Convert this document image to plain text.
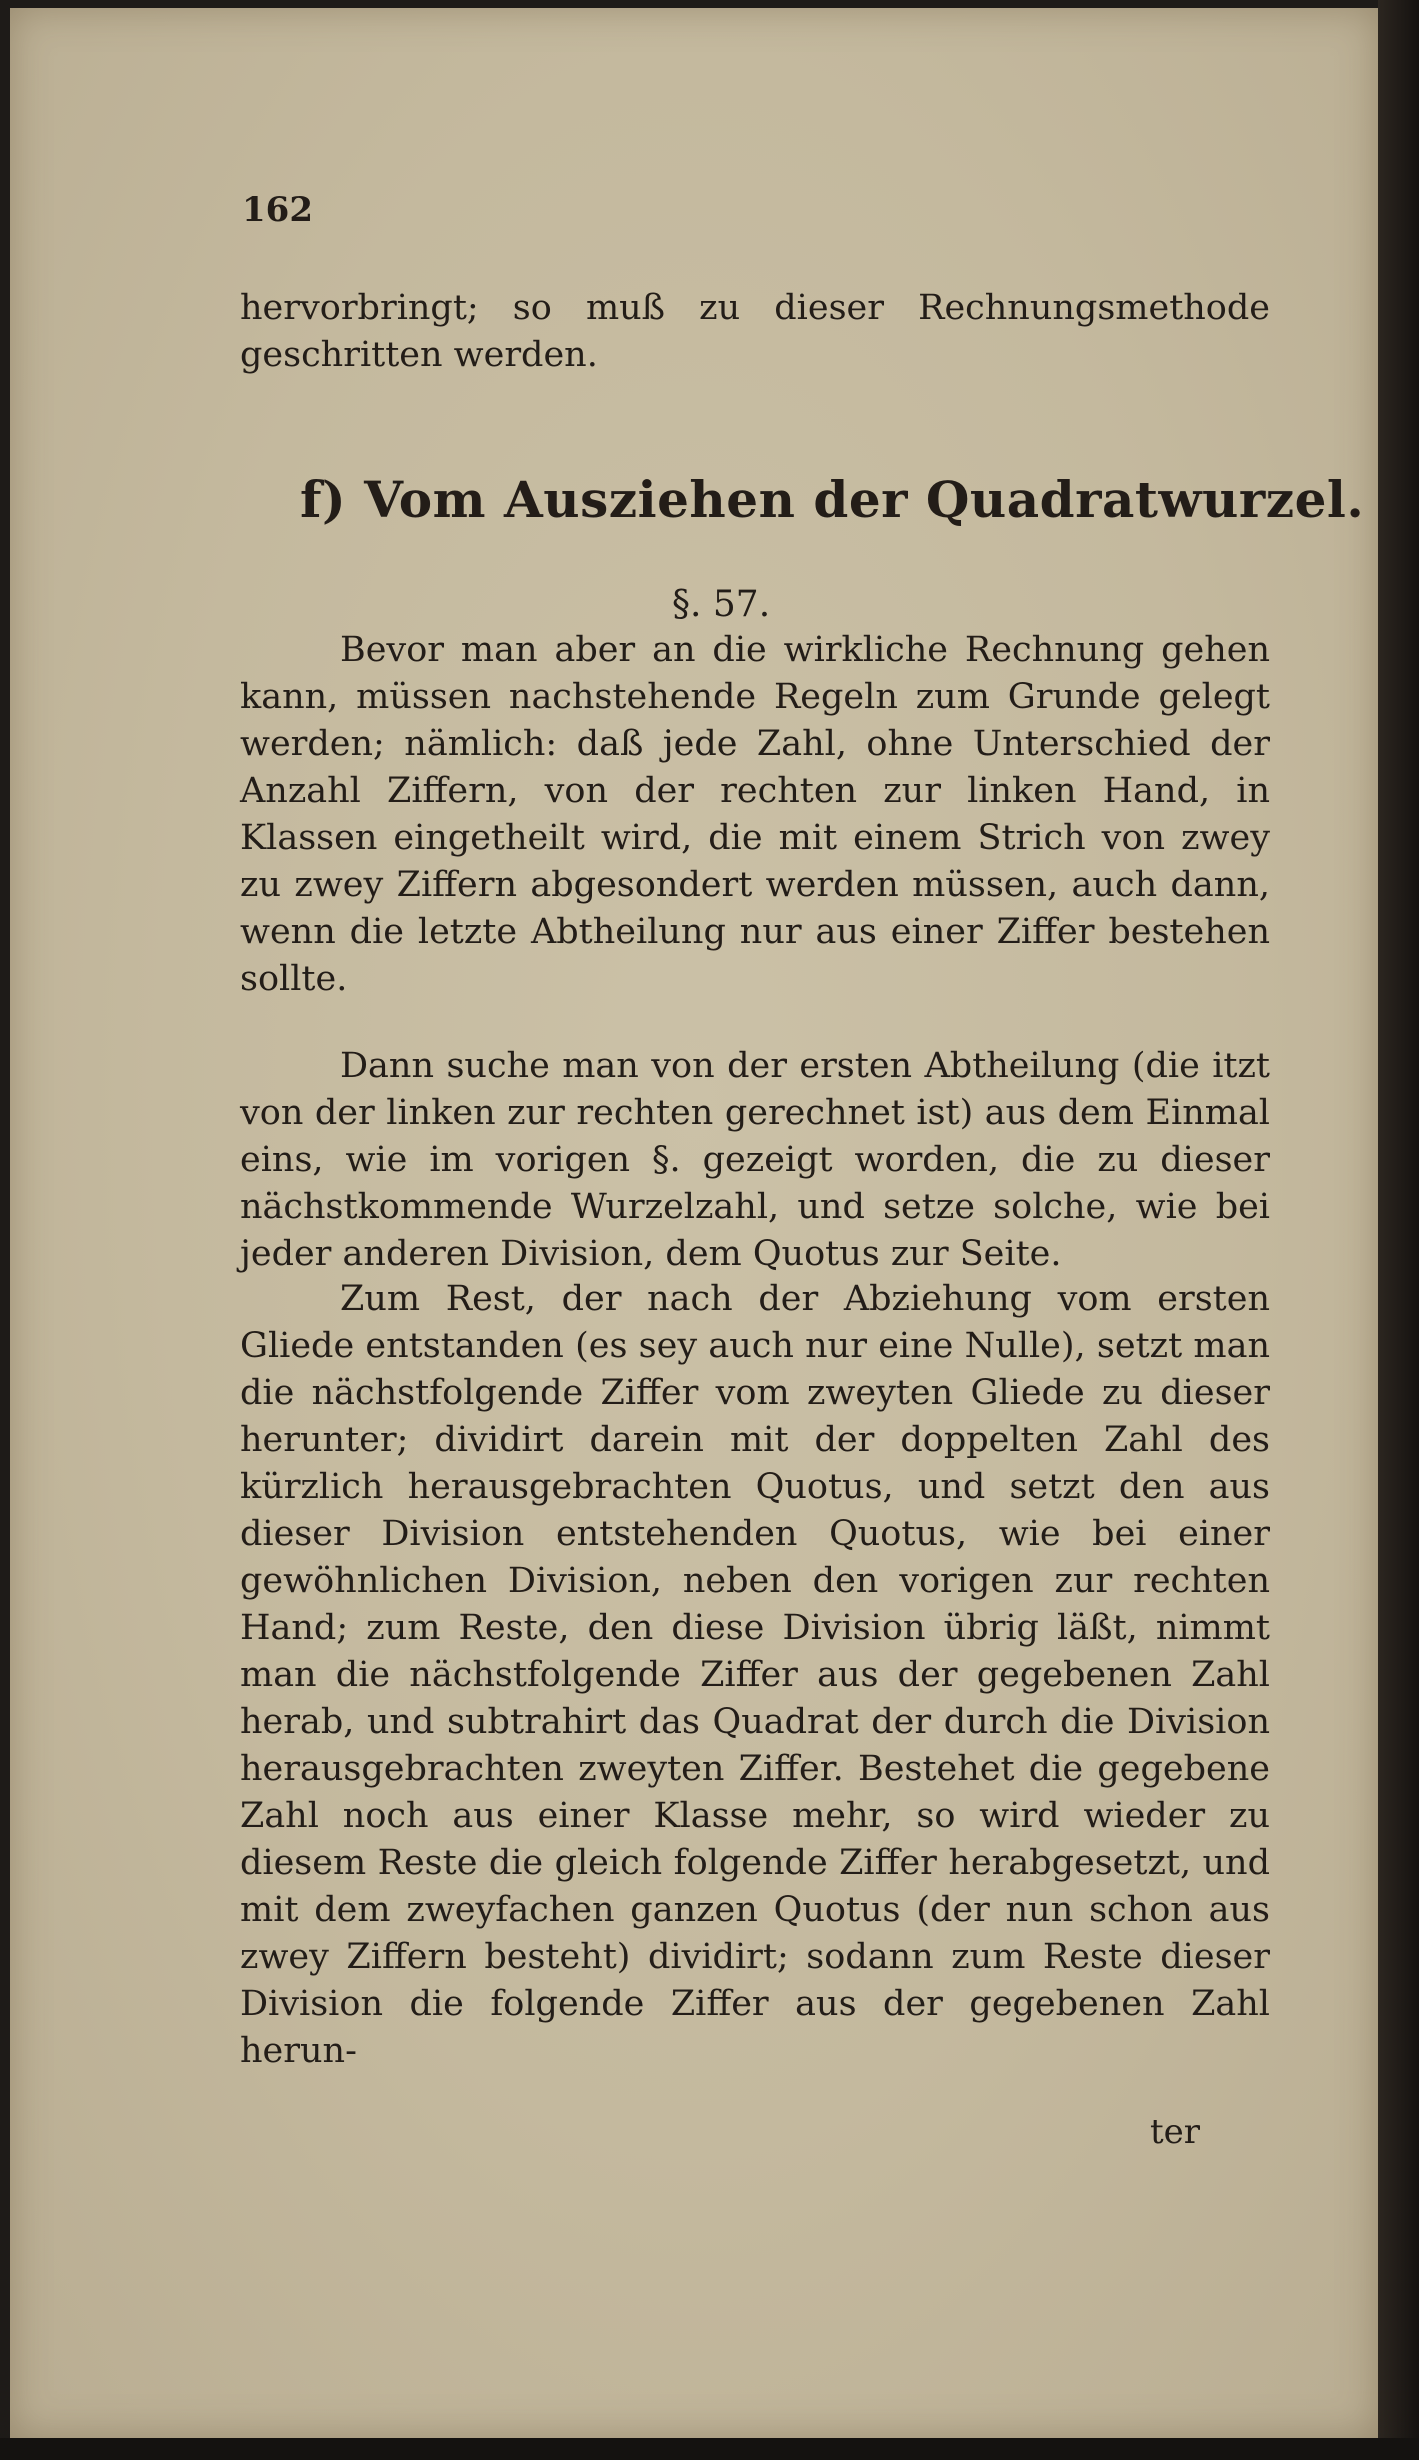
162

hervorbringt; so muß zu dieser Rechnungsmethode geschritten werden.

f) Vom Ausziehen der Quadratwurzel.
§. 57.

Bevor man aber an die wirkliche Rechnung gehen kann, müssen nachstehende Regeln zum Grunde gelegt werden; nämlich: daß jede Zahl, ohne Unterschied der Anzahl Ziffern, von der rechten zur linken Hand, in Klassen eingetheilt wird, die mit einem Strich von zwey zu zwey Ziffern abgesondert werden müssen, auch dann, wenn die letzte Abtheilung nur aus einer Ziffer bestehen sollte.

Dann suche man von der ersten Abtheilung (die itzt von der linken zur rechten gerechnet ist) aus dem Einmal eins, wie im vorigen §. gezeigt worden, die zu dieser nächstkommende Wurzelzahl, und setze solche, wie bei jeder anderen Division, dem Quotus zur Seite.

Zum Rest, der nach der Abziehung vom ersten Gliede entstanden (es sey auch nur eine Nulle), setzt man die nächstfolgende Ziffer vom zweyten Gliede zu dieser herunter; dividirt darein mit der doppelten Zahl des kürzlich herausgebrachten Quotus, und setzt den aus dieser Division entstehenden Quotus, wie bei einer gewöhnlichen Division, neben den vorigen zur rechten Hand; zum Reste, den diese Division übrig läßt, nimmt man die nächstfolgende Ziffer aus der gegebenen Zahl herab, und subtrahirt das Quadrat der durch die Division herausgebrachten zweyten Ziffer. Bestehet die gegebene Zahl noch aus einer Klasse mehr, so wird wieder zu diesem Reste die gleich folgende Ziffer herabgesetzt, und mit dem zweyfachen ganzen Quotus (der nun schon aus zwey Ziffern besteht) dividirt; sodann zum Reste dieser Division die folgende Ziffer aus der gegebenen Zahl herun-

ter
